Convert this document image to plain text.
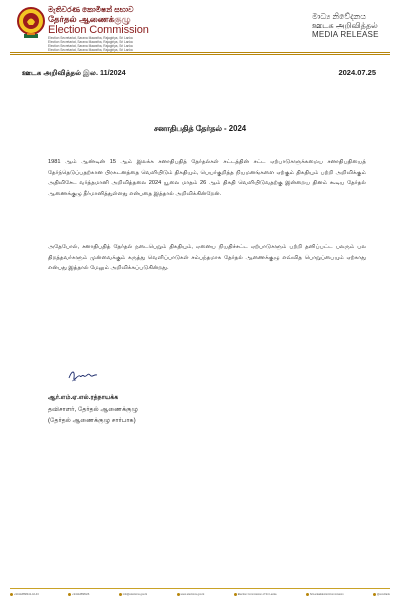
මැතිවරණ කොමිෂන් සභාව
தேர்தல் ஆணைக்குழு
Election Commission
Election Secretariat, Sarana Mawatha, Rajagiriya, Sri Lanka
Election Secretariat, Sarana Mawatha, Rajagiriya, Sri Lanka
Election Secretariat, Sarana Mawatha, Rajagiriya, Sri Lanka
Election Secretariat, Sarana Mawatha, Rajagiriya, Sri Lanka
මාධ්‍ය නිවේදනය
ஊடக அறிவித்தல்
MEDIA RELEASE
ஊடக அறிவித்தல் இல. 11/2024	2024.07.25
சனாதிபதித் தேர்தல் - 2024
1981 ஆம் ஆண்டின் 15 ஆம் இலக்க சனாதிபதித் தேர்தல்கள் சட்டத்தின் சட்ட ஏற்பாடுகளுக்கமைய சனாதிபதியைத் தேர்ந்தெடுப்பதற்கான பிரகடனத்தை வெளியிடும் திகதியும், பெயர்குறித்த நியமனங்களை ஏற்கும் திகதியும் பற்றி அறிவிக்கும் அதிவிசேட வர்த்தமானி அறிவித்தலை 2024 யூலை மாதம் 26 ஆம் திகதி வெளியிடுவதற்கு இன்றைய தினம் கூடிய தேர்தல் ஆணைக்குழு தீர்மானித்துள்ளது என்பதை இத்தால் அறிவிக்கின்றேன்.
அதேபோல், சனாதிபதித் தேர்தல் நடைபெறும் திகதியும், ஏனைய நியதிச்சட்ட ஏற்பாடுகளும் பற்றி தனிப்பட்ட பலரும் பல திறத்தவர்களும் முன்வைக்கும் கருத்து வெளிப்பாடுகள் சம்பந்தமாக தேர்தல் ஆணைக்குழு எவ்வித பொறுப்பையும் ஏற்காது என்பது இத்தால் மேலும் அறிவிக்கப்படுகின்றது.
ஆர்.எம்.ஏ.எல்.ரத்நாயக்க
தவிசாளர், தேர்தல் ஆணைக்குழு
(தேர்தல் ஆணைக்குழு சார்பாக)
+94112868441-42-43	+94112868426	info@elections.gov.lk	www.elections.gov.lk	Election Commission of Sri Lanka	SriLankaElectionCommission	@ecsrilank
